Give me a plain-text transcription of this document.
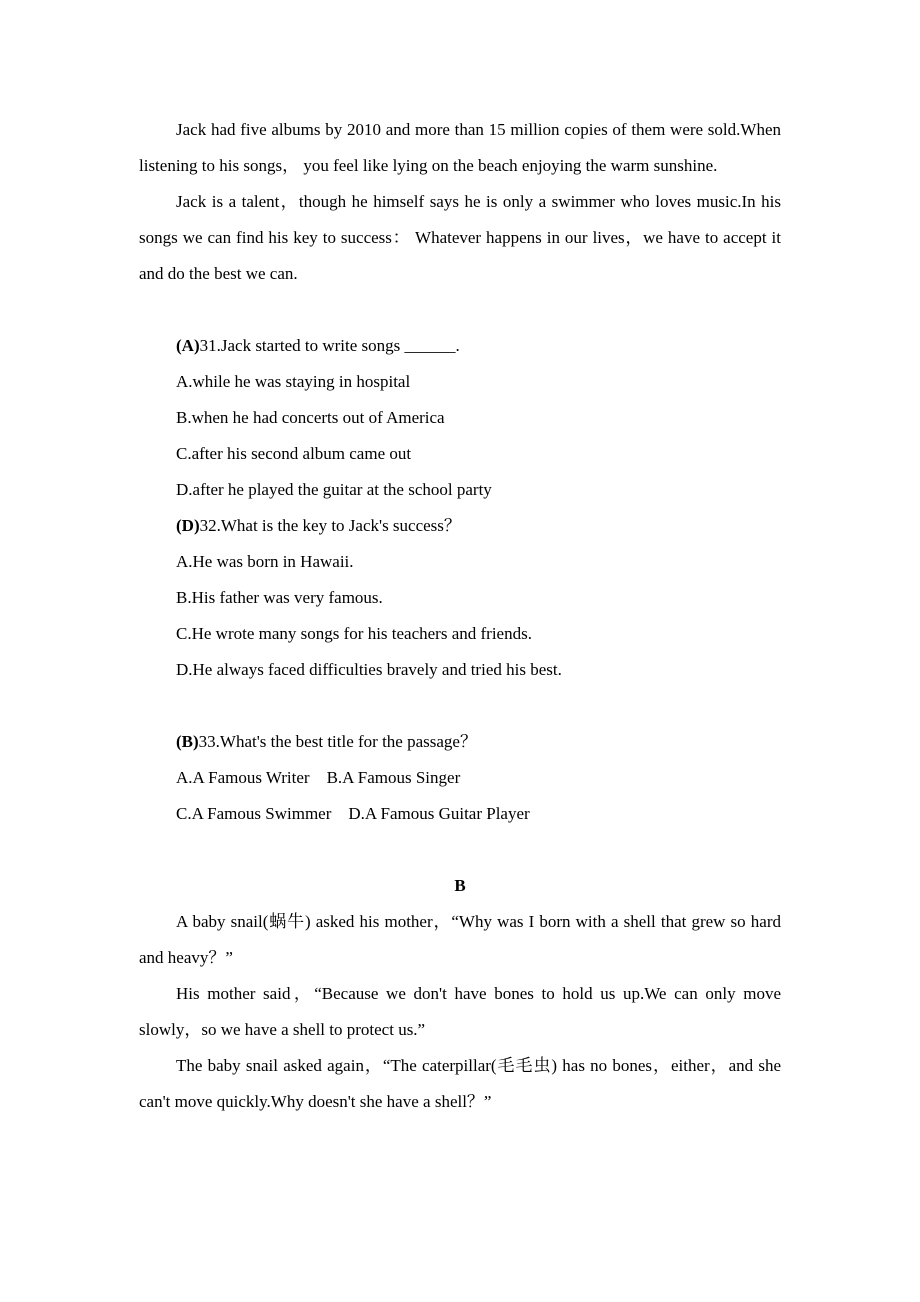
Jack had five albums by 2010 and more than 15 million copies of them were sold.When listening to his songs， you feel like lying on the beach enjoying the warm sunshine.

Jack is a talent，though he himself says he is only a swimmer who loves music.In his songs we can find his key to success： Whatever happens in our lives，we have to accept it and do the best we can.

(A)31.Jack started to write songs ______.

A.while he was staying in hospital

B.when he had concerts out of America

C.after his second album came out

D.after he played the guitar at the school party

(D)32.What is the key to Jack's success？

A.He was born in Hawaii.

B.His father was very famous.

C.He wrote many songs for his teachers and friends.

D.He always faced difficulties bravely and tried his best.

(B)33.What's the best title for the passage？

A.A Famous Writer    B.A Famous Singer

C.A Famous Swimmer    D.A Famous Guitar Player

B

A baby snail(蜗牛) asked his mother，“Why was I born with a shell that grew so hard and heavy？”

His mother said，“Because we don't have bones to hold us up.We can only move slowly，so we have a shell to protect us.”

The baby snail asked again，“The caterpillar(毛毛虫) has no bones，either，and she can't move quickly.Why doesn't she have a shell？”
